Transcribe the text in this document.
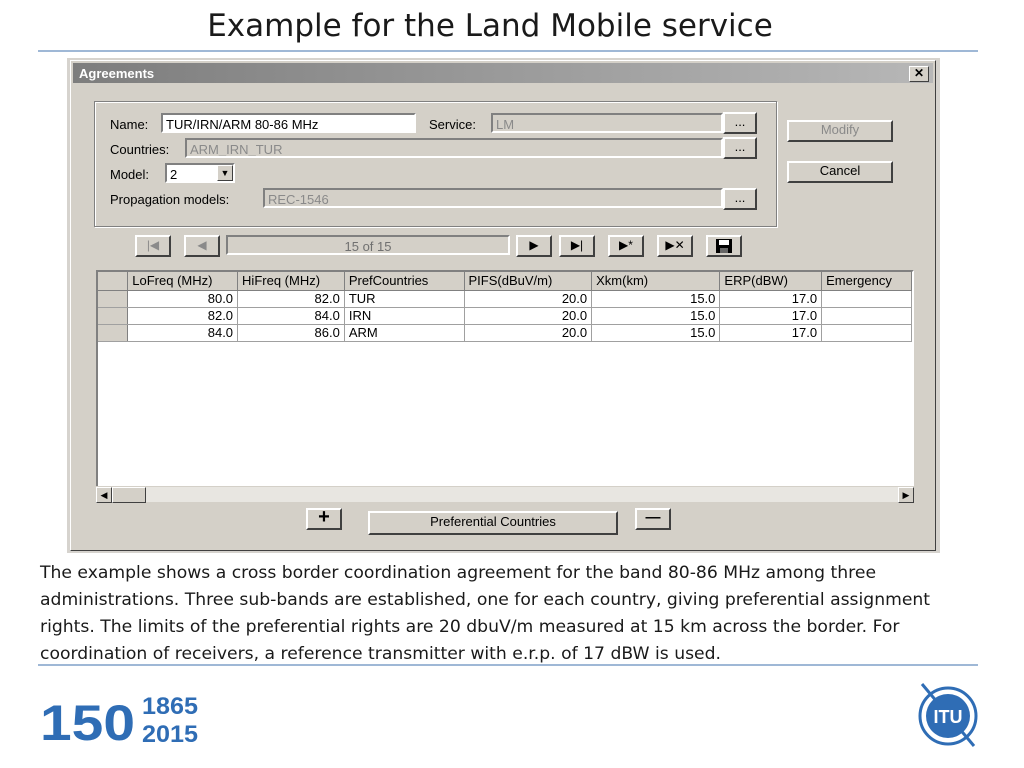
Example for the Land Mobile service
Agreements	✕
Name:	TUR/IRN/ARM 80-86 MHz	Service:	LM	...
Countries:	ARM_IRN_TUR	...
Model:	2	▼
Propagation models:	REC-1546	...
Modify
Cancel
|◀	◀	15 of 15	▶	▶|	▶*	▶✕
	LoFreq (MHz)	HiFreq (MHz)	PrefCountries	PIFS(dBuV/m)	Xkm(km)	ERP(dBW)	Emergency
	80.0	82.0	TUR	20.0	15.0	17.0	
	82.0	84.0	IRN	20.0	15.0	17.0	
	84.0	86.0	ARM	20.0	15.0	17.0	
◀	▶
+	Preferential Countries	—
The example shows a cross border coordination agreement for the band 80-86 MHz among three administrations. Three sub-bands are established, one for each country, giving preferential assignment rights. The limits of the preferential rights are 20 dbuV/m measured at 15 km across the border. For coordination of receivers, a reference transmitter with e.r.p. of 17 dBW is used.
150 1865
2015
ITU
